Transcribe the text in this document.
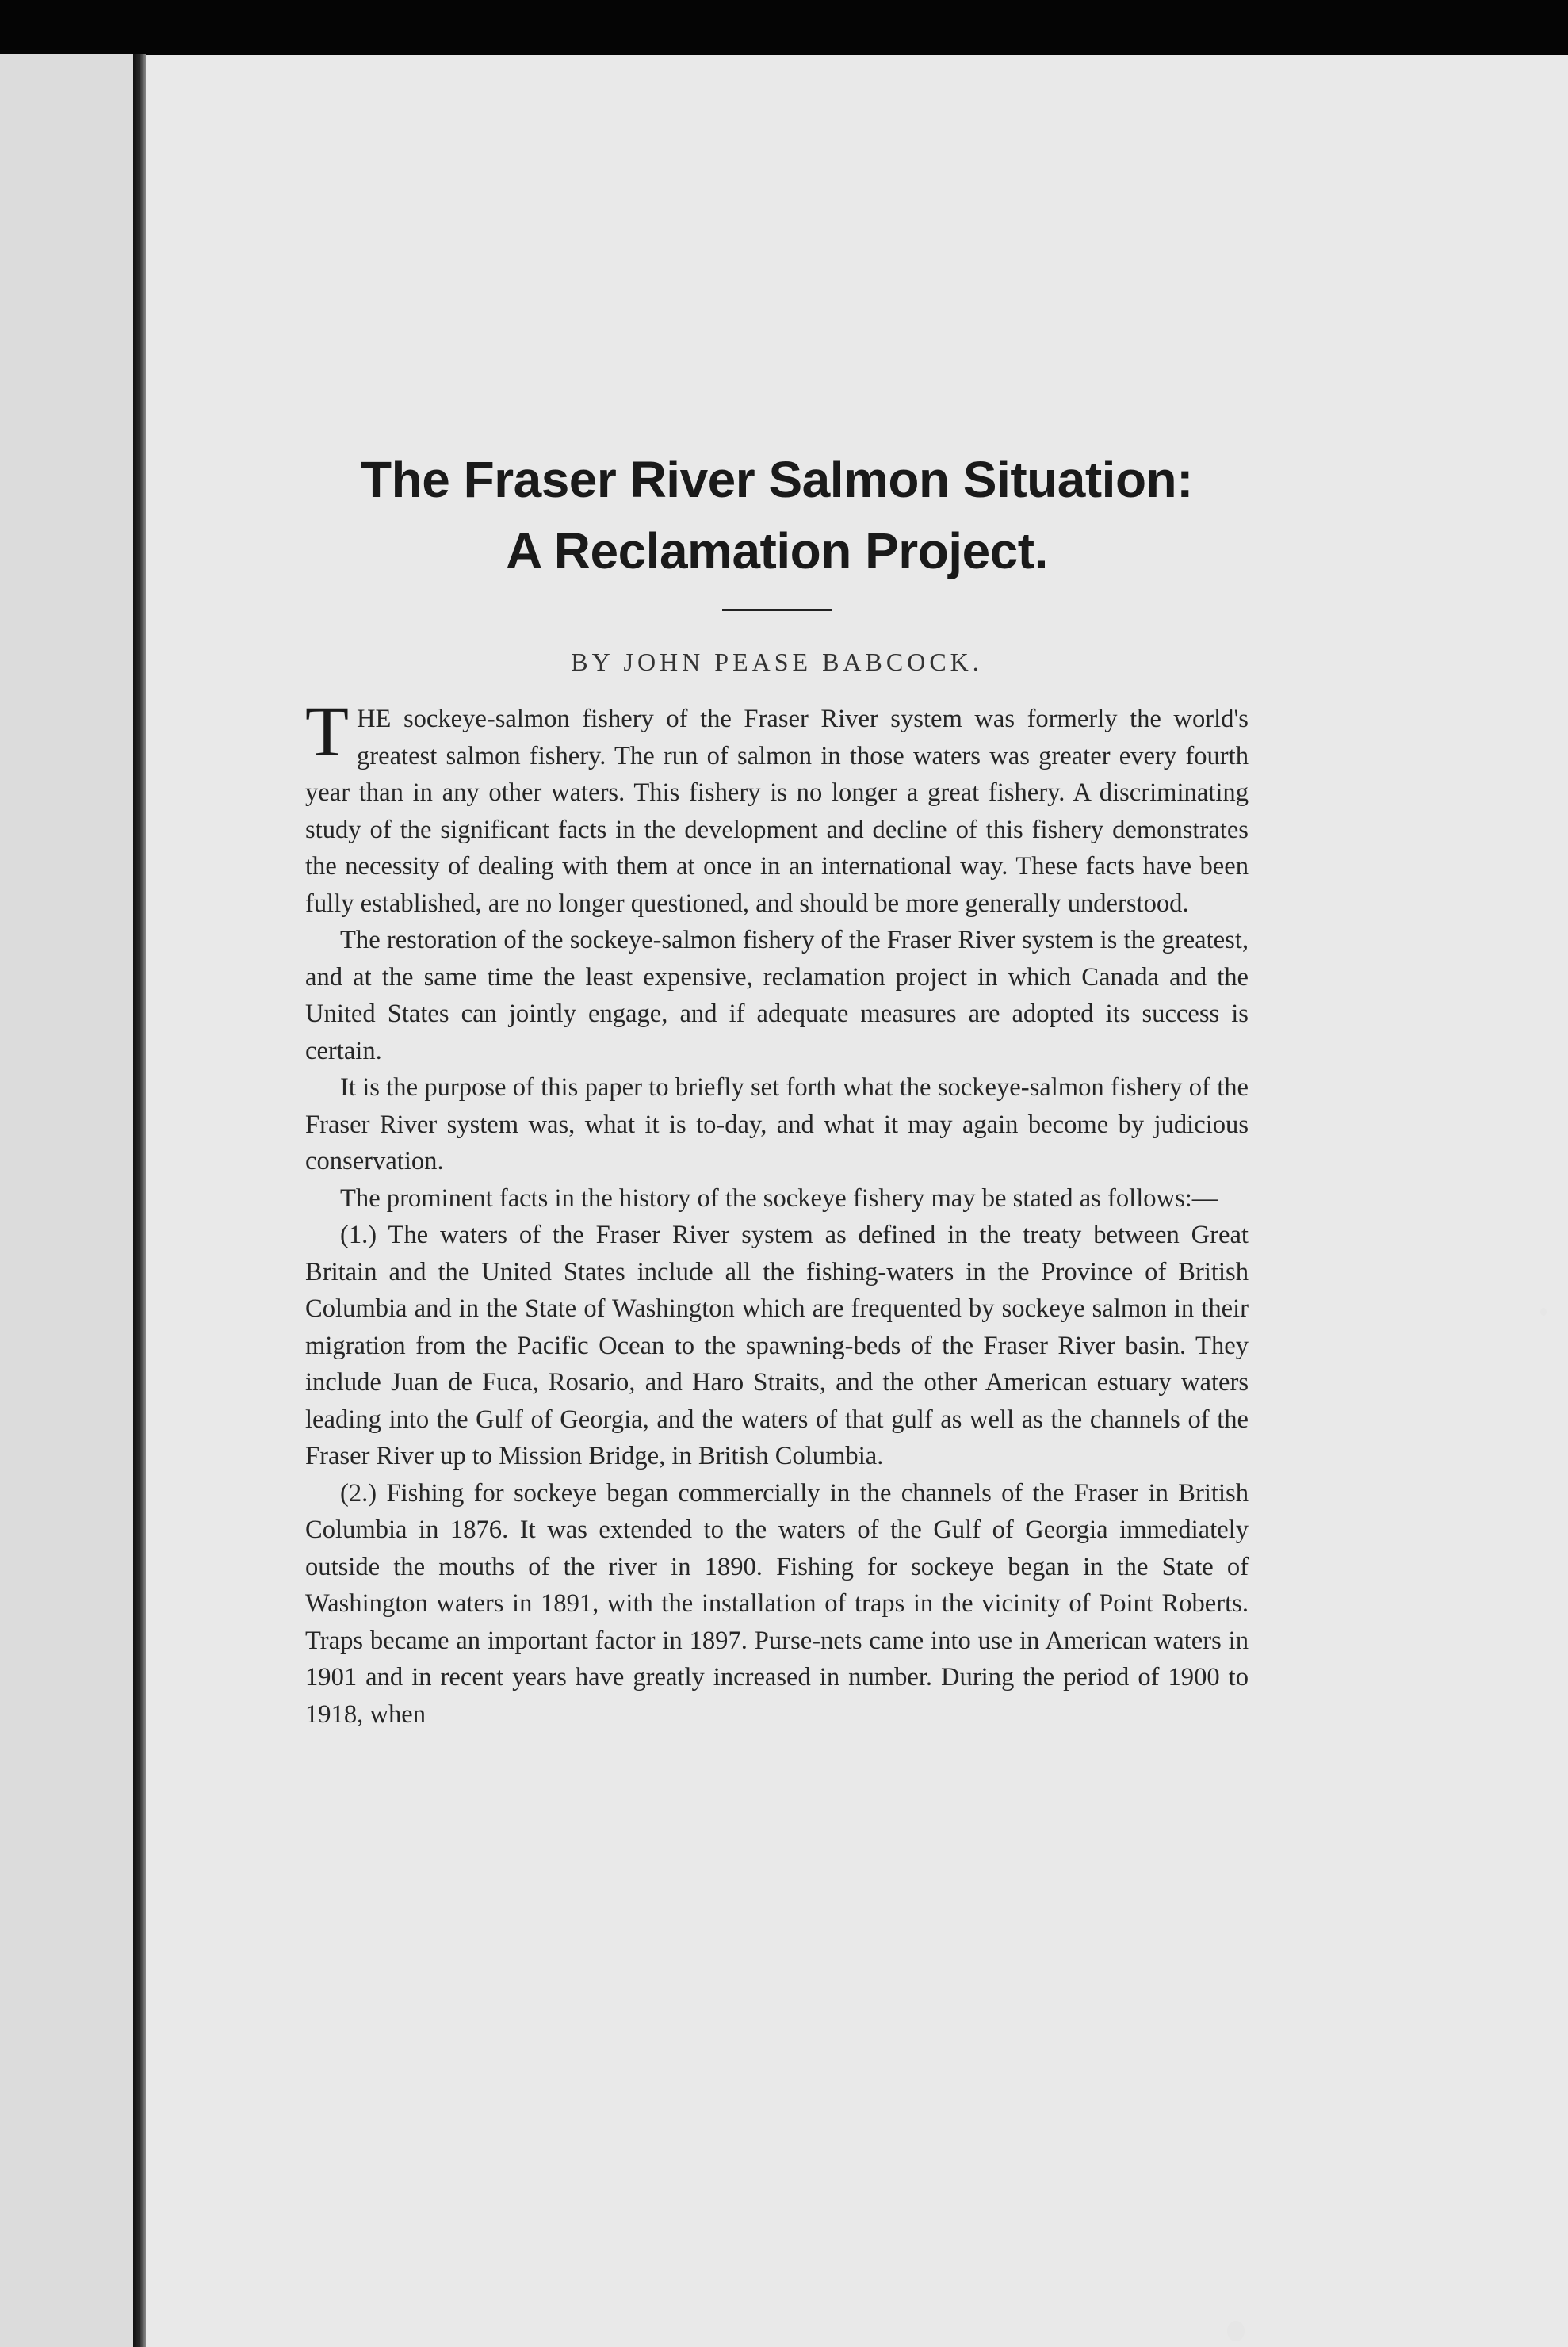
The Fraser River Salmon Situation:
A Reclamation Project.

BY JOHN PEASE BABCOCK.

THE sockeye-salmon fishery of the Fraser River system was formerly the world's greatest salmon fishery. The run of salmon in those waters was greater every fourth year than in any other waters. This fishery is no longer a great fishery. A discriminating study of the significant facts in the development and decline of this fishery demonstrates the necessity of dealing with them at once in an international way. These facts have been fully established, are no longer questioned, and should be more generally understood.

The restoration of the sockeye-salmon fishery of the Fraser River system is the greatest, and at the same time the least expensive, reclamation project in which Canada and the United States can jointly engage, and if adequate measures are adopted its success is certain.

It is the purpose of this paper to briefly set forth what the sockeye-salmon fishery of the Fraser River system was, what it is to-day, and what it may again become by judicious conservation.

The prominent facts in the history of the sockeye fishery may be stated as follows:—

(1.) The waters of the Fraser River system as defined in the treaty between Great Britain and the United States include all the fishing-waters in the Province of British Columbia and in the State of Washington which are frequented by sockeye salmon in their migration from the Pacific Ocean to the spawning-beds of the Fraser River basin. They include Juan de Fuca, Rosario, and Haro Straits, and the other American estuary waters leading into the Gulf of Georgia, and the waters of that gulf as well as the channels of the Fraser River up to Mission Bridge, in British Columbia.

(2.) Fishing for sockeye began commercially in the channels of the Fraser in British Columbia in 1876. It was extended to the waters of the Gulf of Georgia immediately outside the mouths of the river in 1890. Fishing for sockeye began in the State of Washington waters in 1891, with the installation of traps in the vicinity of Point Roberts. Traps became an important factor in 1897. Purse-nets came into use in American waters in 1901 and in recent years have greatly increased in number. During the period of 1900 to 1918, when
